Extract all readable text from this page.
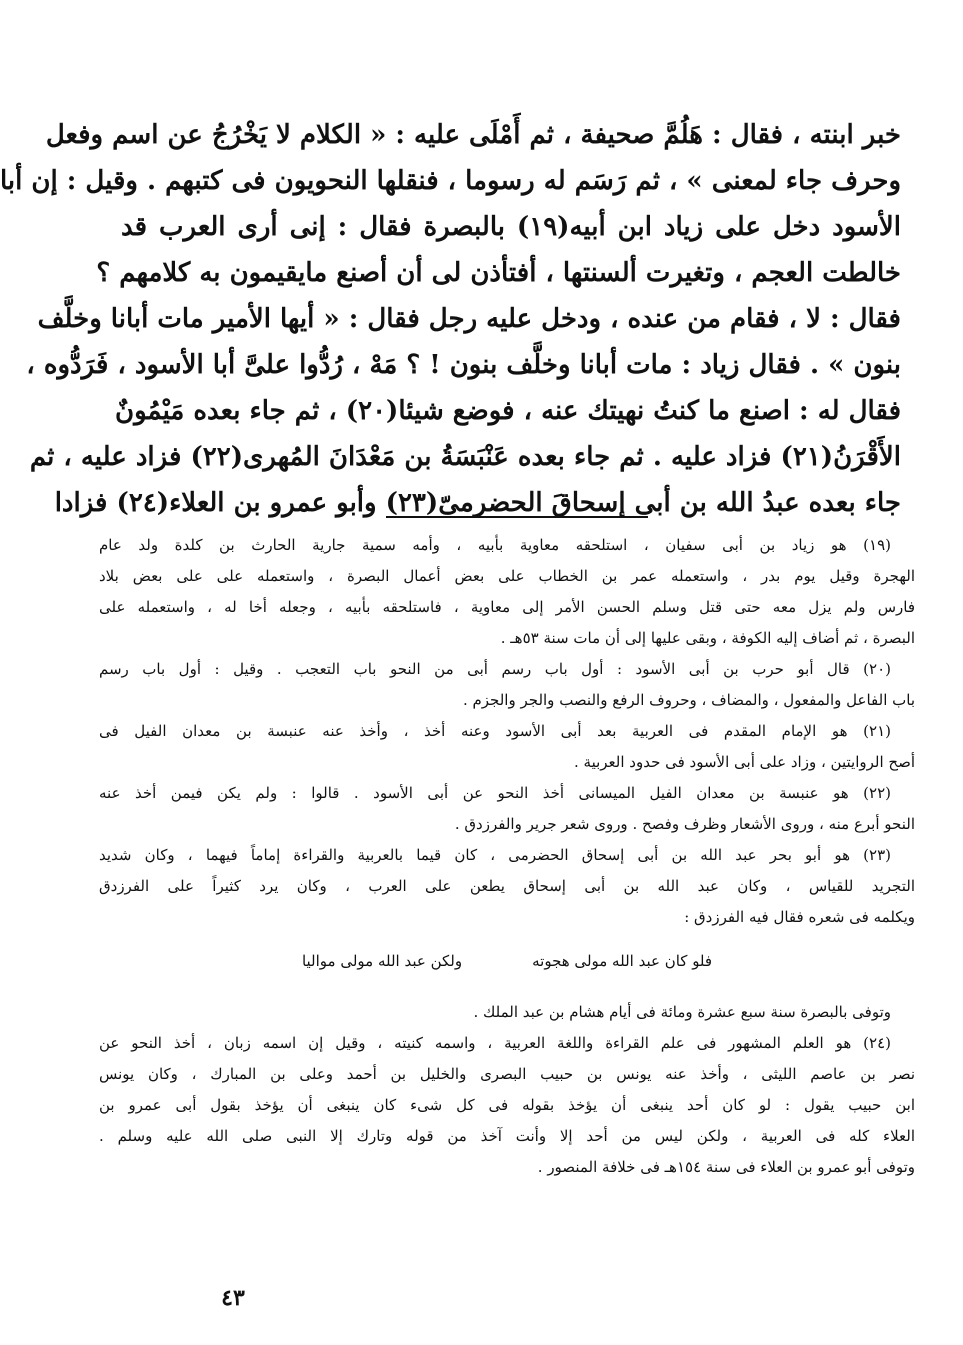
خبر ابنته ، فقال : هَلُمَّ صحيفة ، ثم أَمْلَى عليه : « الكلام لا يَخْرُجُ عن اسم وفعل
وحرف جاء لمعنى » ، ثم رَسَم له رسوما ، فنقلها النحويون فى كتبهم . وقيل : إن أبا
الأسود دخل على زياد ابن أبيه(١٩) بالبصرة فقال : إنى أرى العرب قد
خالطت العجم ، وتغيرت ألسنتها ، أفتأذن لى أن أصنع مايقيمون به كلامهم ؟
فقال : لا ، فقام من عنده ، ودخل عليه رجل فقال : « أيها الأمير مات أبانا وخلَّف
بنون » . فقال زياد : مات أبانا وخلَّف بنون ! ؟ مَهْ ، رُدُّوا علىَّ أبا الأسود ، فَرَدُّوه ،
فقال له : اصنع ما كنتُ نهيتك عنه ، فوضع شيئا(٢٠) ، ثم جاء بعده مَيْمُونٌ
الأَقْرَنُ(٢١) فزاد عليه . ثم جاء بعده عَنْبَسَةُ بن مَعْدَانَ المُهرى(٢٢) فزاد عليه ، ثم
جاء بعده عبدُ الله بن أبى إسحاقَ الحضرمىّ(٢٣) وأبو عمرو بن العلاء(٢٤) فزادا
(١٩) هو زياد بن أبى سفيان ، استلحقه معاوية بأبيه ، وأمه سمية جارية الحارث بن كلدة ولد عام
الهجرة وقيل يوم بدر ، واستعمله عمر بن الخطاب على بعض أعمال البصرة ، واستعمله على على بعض بلاد
فارس ولم يزل معه حتى قتل وسلم الحسن الأمر إلى معاوية ، فاستلحقه بأبيه ، وجعله أخا له ، واستعمله على
البصرة ، ثم أضاف إليه الكوفة ، وبقى عليها إلى أن مات سنة ٥٣هـ .
(٢٠) قال أبو حرب بن أبى الأسود : أول باب رسم أبى من النحو باب التعجب . وقيل : أول باب رسم
باب الفاعل والمفعول ، والمضاف ، وحروف الرفع والنصب والجر والجزم .
(٢١) هو الإمام المقدم فى العربية بعد أبى الأسود وعنه أخذ ، وأخذ عنه عنبسة بن معدان الفيل فى
أصح الروايتين ، وزاد على أبى الأسود فى حدود العربية .
(٢٢) هو عنبسة بن معدان الفيل الميسانى أخذ النحو عن أبى الأسود . قالوا : ولم يكن فيمن أخذ عنه
النحو أبرع منه ، وروى الأشعار وظرف وفصح . وروى شعر جرير والفرزدق .
(٢٣) هو أبو بحر عبد الله بن أبى إسحاق الحضرمى ، كان قيما بالعربية والقراءة إماماً فيهما ، وكان شديد
التجريد للقياس ، وكان عبد الله بن أبى إسحاق يطعن على العرب ، وكان يرد كثيراً على الفرزدق
ويكلمه فى شعره فقال فيه الفرزدق :
فلو كان عبد الله مولى هجوته
ولكن عبد الله مولى مواليا
وتوفى بالبصرة سنة سبع عشرة ومائة فى أيام هشام بن عبد الملك .
(٢٤) هو العلم المشهور فى علم القراءة واللغة العربية ، واسمه كنيته ، وقيل إن اسمه زبان ، أخذ النحو عن
نصر بن عاصم الليثى ، وأخذ عنه يونس بن حبيب البصرى والخليل بن أحمد وعلى بن المبارك ، وكان يونس
ابن حبيب يقول : لو كان أحد ينبغى أن يؤخذ بقوله فى كل شىء كان ينبغى أن يؤخذ بقول أبى عمرو بن
العلاء كله فى العربية ، ولكن ليس من أحد إلا وأنت آخذ من قوله وتارك إلا النبى صلى الله عليه وسلم .
وتوفى أبو عمرو بن العلاء فى سنة ١٥٤هـ فى خلافة المنصور .
٤٣
